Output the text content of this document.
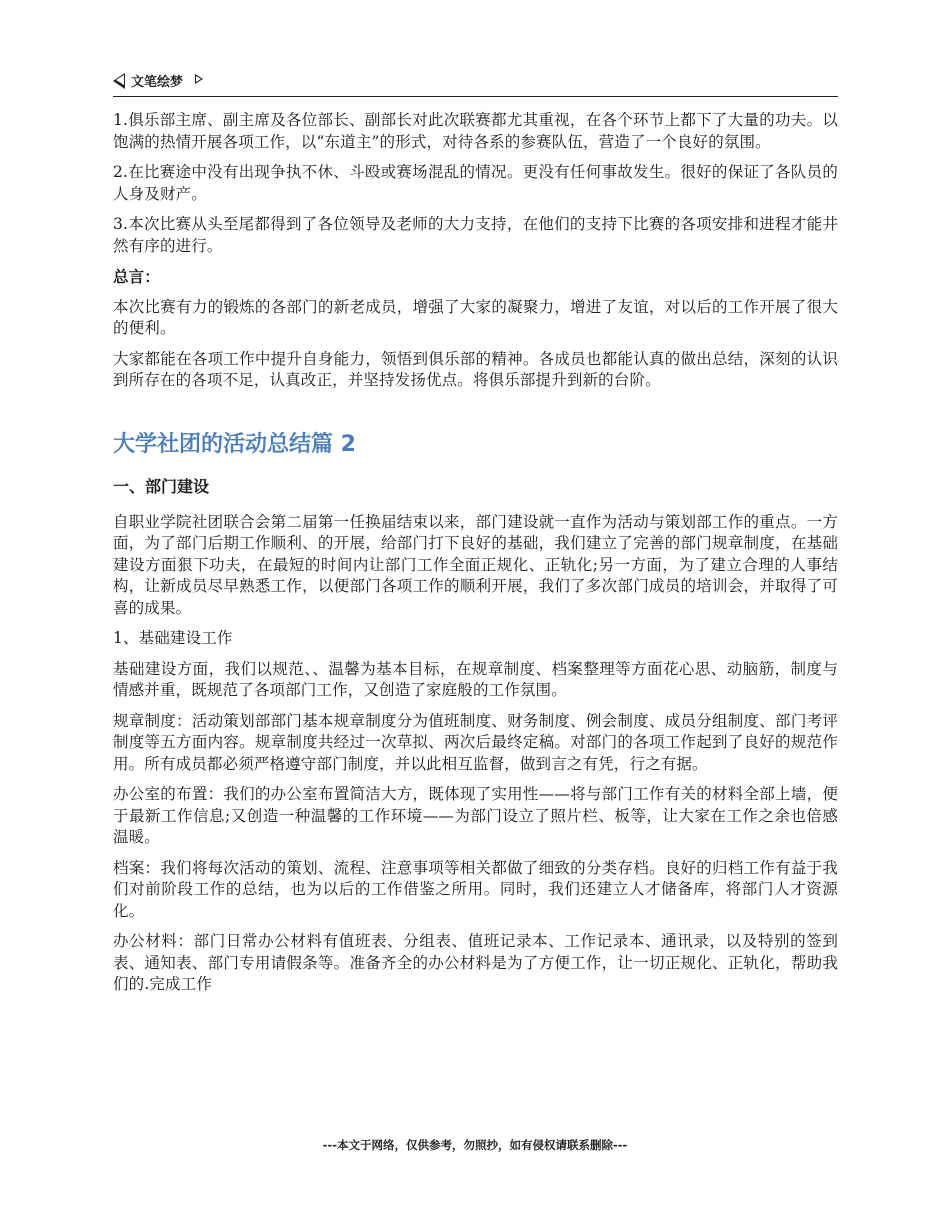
文笔绘梦

1.俱乐部主席、副主席及各位部长、副部长对此次联赛都尤其重视，在各个环节上都下了大量的功夫。以饱满的热情开展各项工作，以“东道主”的形式，对待各系的参赛队伍，营造了一个良好的氛围。

2.在比赛途中没有出现争执不休、斗殴或赛场混乱的情况。更没有任何事故发生。很好的保证了各队员的人身及财产。

3.本次比赛从头至尾都得到了各位领导及老师的大力支持，在他们的支持下比赛的各项安排和进程才能井然有序的进行。

总言：

本次比赛有力的锻炼的各部门的新老成员，增强了大家的凝聚力，增进了友谊，对以后的工作开展了很大的便利。

大家都能在各项工作中提升自身能力，领悟到俱乐部的精神。各成员也都能认真的做出总结，深刻的认识到所存在的各项不足，认真改正，并坚持发扬优点。将俱乐部提升到新的台阶。

大学社团的活动总结篇 2
一、部门建设

自职业学院社团联合会第二届第一任换届结束以来，部门建设就一直作为活动与策划部工作的重点。一方面，为了部门后期工作顺利、的开展，给部门打下良好的基础，我们建立了完善的部门规章制度，在基础建设方面狠下功夫，在最短的时间内让部门工作全面正规化、正轨化;另一方面，为了建立合理的人事结构，让新成员尽早熟悉工作，以便部门各项工作的顺利开展，我们了多次部门成员的培训会，并取得了可喜的成果。

1、基础建设工作

基础建设方面，我们以规范、、温馨为基本目标，在规章制度、档案整理等方面花心思、动脑筋，制度与情感并重，既规范了各项部门工作，又创造了家庭般的工作氛围。

规章制度：活动策划部部门基本规章制度分为值班制度、财务制度、例会制度、成员分组制度、部门考评制度等五方面内容。规章制度共经过一次草拟、两次后最终定稿。对部门的各项工作起到了良好的规范作用。所有成员都必须严格遵守部门制度，并以此相互监督，做到言之有凭，行之有据。

办公室的布置：我们的办公室布置简洁大方，既体现了实用性——将与部门工作有关的材料全部上墙，便于最新工作信息;又创造一种温馨的工作环境——为部门设立了照片栏、板等，让大家在工作之余也倍感温暖。

档案：我们将每次活动的策划、流程、注意事项等相关都做了细致的分类存档。良好的归档工作有益于我们对前阶段工作的总结，也为以后的工作借鉴之所用。同时，我们还建立人才储备库，将部门人才资源化。

办公材料：部门日常办公材料有值班表、分组表、值班记录本、工作记录本、通讯录，以及特别的签到表、通知表、部门专用请假条等。准备齐全的办公材料是为了方便工作，让一切正规化、正轨化，帮助我们的.完成工作

---本文于网络，仅供参考，勿照抄，如有侵权请联系删除---
